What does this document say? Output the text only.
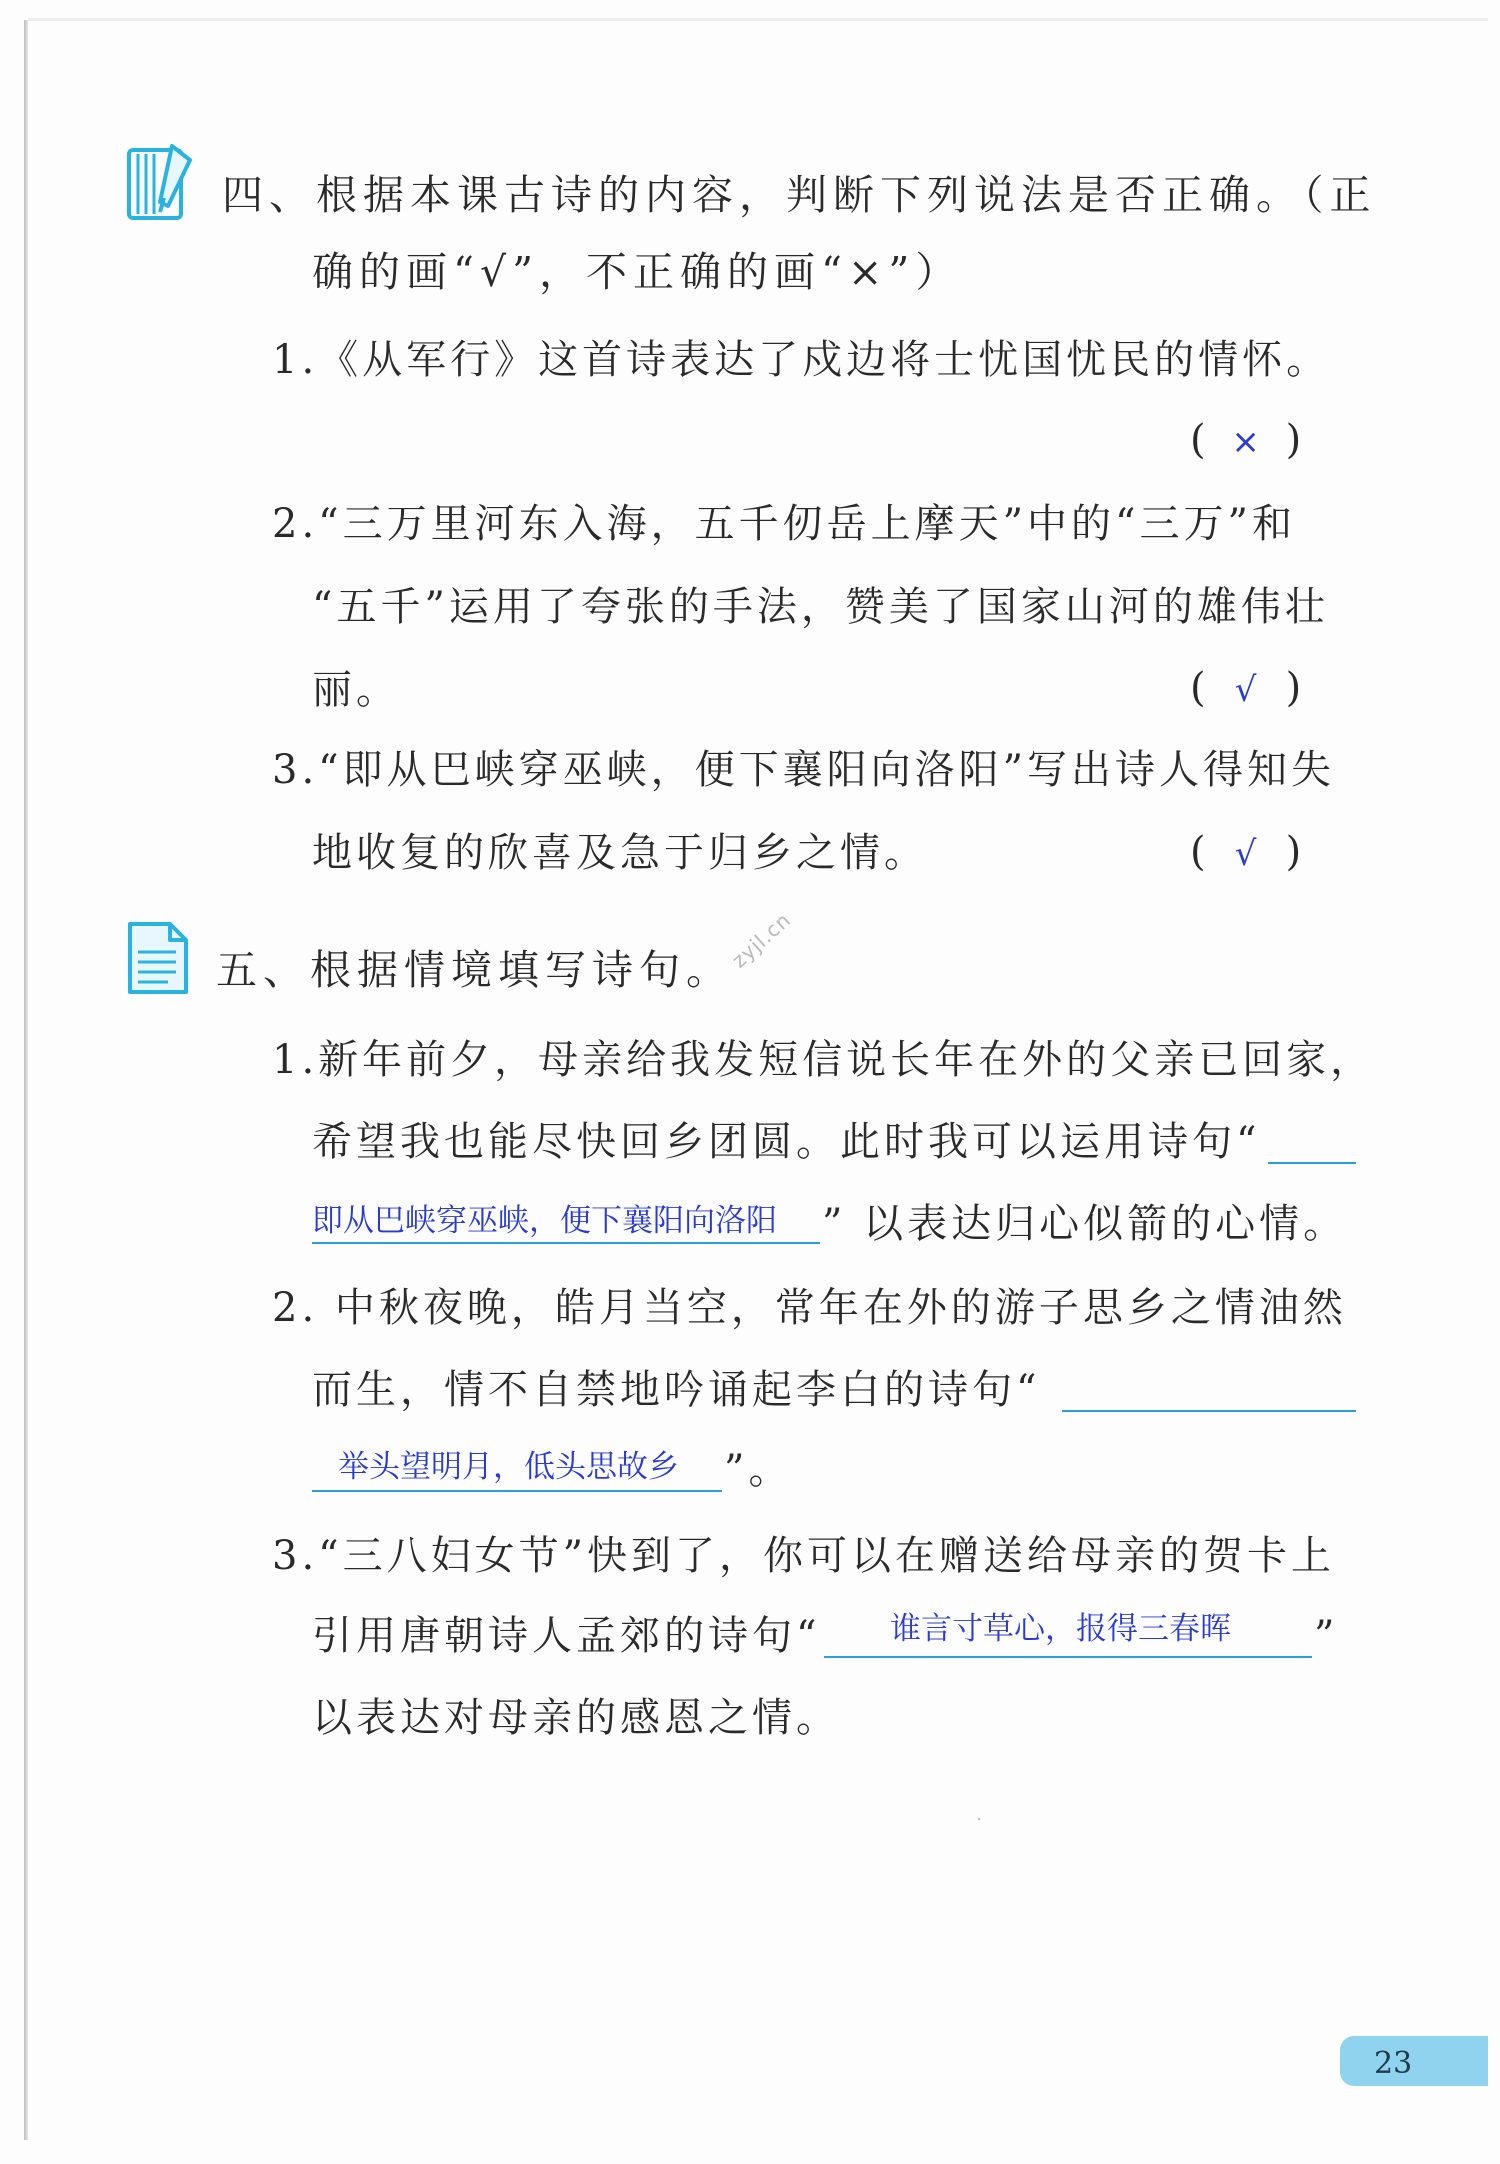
四、根据本课古诗的内容，判断下列说法是否正确。（正
确的画“√”，不正确的画“×”）
1.《从军行》这首诗表达了戍边将士忧国忧民的情怀。
( × )
2.“三万里河东入海，五千仞岳上摩天”中的“三万”和
“五千”运用了夸张的手法，赞美了国家山河的雄伟壮
丽。	( √ )
3.“即从巴峡穿巫峡，便下襄阳向洛阳”写出诗人得知失
地收复的欣喜及急于归乡之情。	( √ )
zyjl.cn
五、根据情境填写诗句。
1.新年前夕，母亲给我发短信说长年在外的父亲已回家，
希望我也能尽快回乡团圆。此时我可以运用诗句“
即从巴峡穿巫峡，便下襄阳向洛阳 ” 以表达归心似箭的心情。
2. 中秋夜晚，皓月当空，常年在外的游子思乡之情油然
而生，情不自禁地吟诵起李白的诗句“
举头望明月，低头思故乡 ”。
3.“三八妇女节”快到了，你可以在赠送给母亲的贺卡上
引用唐朝诗人孟郊的诗句“ 谁言寸草心，报得三春晖 ”
以表达对母亲的感恩之情。
23
